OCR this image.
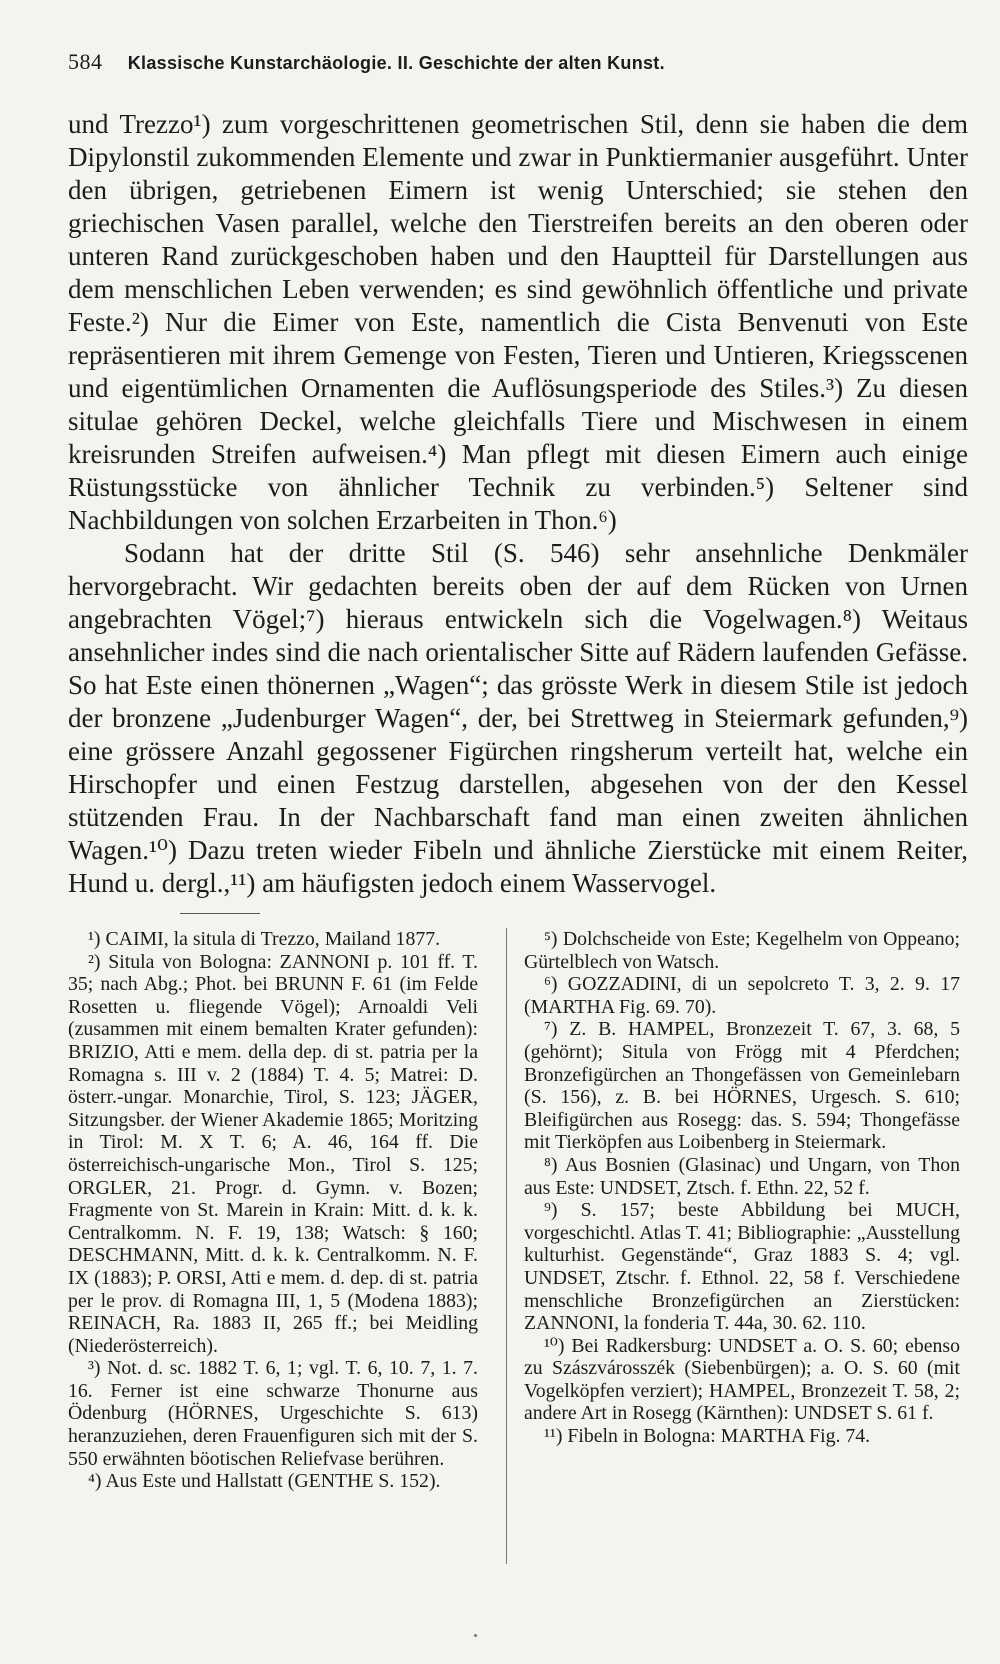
584 Klassische Kunstarchäologie. II. Geschichte der alten Kunst.

und Trezzo¹) zum vorgeschrittenen geometrischen Stil, denn sie haben die dem Dipylonstil zukommenden Elemente und zwar in Punktiermanier ausgeführt. Unter den übrigen, getriebenen Eimern ist wenig Unterschied; sie stehen den griechischen Vasen parallel, welche den Tierstreifen bereits an den oberen oder unteren Rand zurückgeschoben haben und den Hauptteil für Darstellungen aus dem menschlichen Leben verwenden; es sind gewöhnlich öffentliche und private Feste.²) Nur die Eimer von Este, namentlich die Cista Benvenuti von Este repräsentieren mit ihrem Gemenge von Festen, Tieren und Untieren, Kriegsscenen und eigentümlichen Ornamenten die Auflösungsperiode des Stiles.³) Zu diesen situlae gehören Deckel, welche gleichfalls Tiere und Mischwesen in einem kreisrunden Streifen aufweisen.⁴) Man pflegt mit diesen Eimern auch einige Rüstungsstücke von ähnlicher Technik zu verbinden.⁵) Seltener sind Nachbildungen von solchen Erzarbeiten in Thon.⁶)

Sodann hat der dritte Stil (S. 546) sehr ansehnliche Denkmäler hervorgebracht. Wir gedachten bereits oben der auf dem Rücken von Urnen angebrachten Vögel;⁷) hieraus entwickeln sich die Vogelwagen.⁸) Weitaus ansehnlicher indes sind die nach orientalischer Sitte auf Rädern laufenden Gefässe. So hat Este einen thönernen „Wagen“; das grösste Werk in diesem Stile ist jedoch der bronzene „Judenburger Wagen“, der, bei Strettweg in Steiermark gefunden,⁹) eine grössere Anzahl gegossener Figürchen ringsherum verteilt hat, welche ein Hirschopfer und einen Festzug darstellen, abgesehen von der den Kessel stützenden Frau. In der Nachbarschaft fand man einen zweiten ähnlichen Wagen.¹⁰) Dazu treten wieder Fibeln und ähnliche Zierstücke mit einem Reiter, Hund u. dergl.,¹¹) am häufigsten jedoch einem Wasservogel.

¹) CAIMI, la situla di Trezzo, Mailand 1877.

²) Situla von Bologna: ZANNONI p. 101 ff. T. 35; nach Abg.; Phot. bei BRUNN F. 61 (im Felde Rosetten u. fliegende Vögel); Arnoaldi Veli (zusammen mit einem bemalten Krater gefunden): BRIZIO, Atti e mem. della dep. di st. patria per la Romagna s. III v. 2 (1884) T. 4. 5; Matrei: D. österr.-ungar. Monarchie, Tirol, S. 123; JÄGER, Sitzungsber. der Wiener Akademie 1865; Moritzing in Tirol: M. X T. 6; A. 46, 164 ff. Die österreichisch-ungarische Mon., Tirol S. 125; ORGLER, 21. Progr. d. Gymn. v. Bozen; Fragmente von St. Marein in Krain: Mitt. d. k. k. Centralkomm. N. F. 19, 138; Watsch: § 160; DESCHMANN, Mitt. d. k. k. Centralkomm. N. F. IX (1883); P. ORSI, Atti e mem. d. dep. di st. patria per le prov. di Romagna III, 1, 5 (Modena 1883); REINACH, Ra. 1883 II, 265 ff.; bei Meidling (Niederösterreich).

³) Not. d. sc. 1882 T. 6, 1; vgl. T. 6, 10. 7, 1. 7. 16. Ferner ist eine schwarze Thonurne aus Ödenburg (HÖRNES, Urgeschichte S. 613) heranzuziehen, deren Frauenfiguren sich mit der S. 550 erwähnten böotischen Reliefvase berühren.

⁴) Aus Este und Hallstatt (GENTHE S. 152).

⁵) Dolchscheide von Este; Kegelhelm von Oppeano; Gürtelblech von Watsch.

⁶) GOZZADINI, di un sepolcreto T. 3, 2. 9. 17 (MARTHA Fig. 69. 70).

⁷) Z. B. HAMPEL, Bronzezeit T. 67, 3. 68, 5 (gehörnt); Situla von Frögg mit 4 Pferdchen; Bronzefigürchen an Thongefässen von Gemeinlebarn (S. 156), z. B. bei HÖRNES, Urgesch. S. 610; Bleifigürchen aus Rosegg: das. S. 594; Thongefässe mit Tierköpfen aus Loibenberg in Steiermark.

⁸) Aus Bosnien (Glasinac) und Ungarn, von Thon aus Este: UNDSET, Ztsch. f. Ethn. 22, 52 f.

⁹) S. 157; beste Abbildung bei MUCH, vorgeschichtl. Atlas T. 41; Bibliographie: „Ausstellung kulturhist. Gegenstände“, Graz 1883 S. 4; vgl. UNDSET, Ztschr. f. Ethnol. 22, 58 f. Verschiedene menschliche Bronzefigürchen an Zierstücken: ZANNONI, la fonderia T. 44a, 30. 62. 110.

¹⁰) Bei Radkersburg: UNDSET a. O. S. 60; ebenso zu Szászvárosszék (Siebenbürgen); a. O. S. 60 (mit Vogelköpfen verziert); HAMPEL, Bronzezeit T. 58, 2; andere Art in Rosegg (Kärnthen): UNDSET S. 61 f.

¹¹) Fibeln in Bologna: MARTHA Fig. 74.
